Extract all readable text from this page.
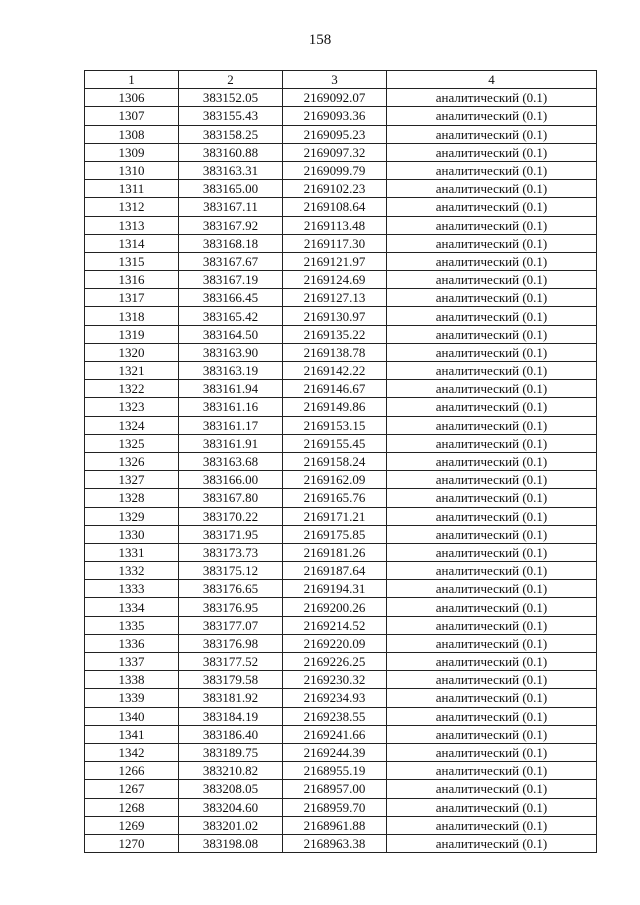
158
1	2	3	4
1306	383152.05	2169092.07	аналитический (0.1)
1307	383155.43	2169093.36	аналитический (0.1)
1308	383158.25	2169095.23	аналитический (0.1)
1309	383160.88	2169097.32	аналитический (0.1)
1310	383163.31	2169099.79	аналитический (0.1)
1311	383165.00	2169102.23	аналитический (0.1)
1312	383167.11	2169108.64	аналитический (0.1)
1313	383167.92	2169113.48	аналитический (0.1)
1314	383168.18	2169117.30	аналитический (0.1)
1315	383167.67	2169121.97	аналитический (0.1)
1316	383167.19	2169124.69	аналитический (0.1)
1317	383166.45	2169127.13	аналитический (0.1)
1318	383165.42	2169130.97	аналитический (0.1)
1319	383164.50	2169135.22	аналитический (0.1)
1320	383163.90	2169138.78	аналитический (0.1)
1321	383163.19	2169142.22	аналитический (0.1)
1322	383161.94	2169146.67	аналитический (0.1)
1323	383161.16	2169149.86	аналитический (0.1)
1324	383161.17	2169153.15	аналитический (0.1)
1325	383161.91	2169155.45	аналитический (0.1)
1326	383163.68	2169158.24	аналитический (0.1)
1327	383166.00	2169162.09	аналитический (0.1)
1328	383167.80	2169165.76	аналитический (0.1)
1329	383170.22	2169171.21	аналитический (0.1)
1330	383171.95	2169175.85	аналитический (0.1)
1331	383173.73	2169181.26	аналитический (0.1)
1332	383175.12	2169187.64	аналитический (0.1)
1333	383176.65	2169194.31	аналитический (0.1)
1334	383176.95	2169200.26	аналитический (0.1)
1335	383177.07	2169214.52	аналитический (0.1)
1336	383176.98	2169220.09	аналитический (0.1)
1337	383177.52	2169226.25	аналитический (0.1)
1338	383179.58	2169230.32	аналитический (0.1)
1339	383181.92	2169234.93	аналитический (0.1)
1340	383184.19	2169238.55	аналитический (0.1)
1341	383186.40	2169241.66	аналитический (0.1)
1342	383189.75	2169244.39	аналитический (0.1)
1266	383210.82	2168955.19	аналитический (0.1)
1267	383208.05	2168957.00	аналитический (0.1)
1268	383204.60	2168959.70	аналитический (0.1)
1269	383201.02	2168961.88	аналитический (0.1)
1270	383198.08	2168963.38	аналитический (0.1)
